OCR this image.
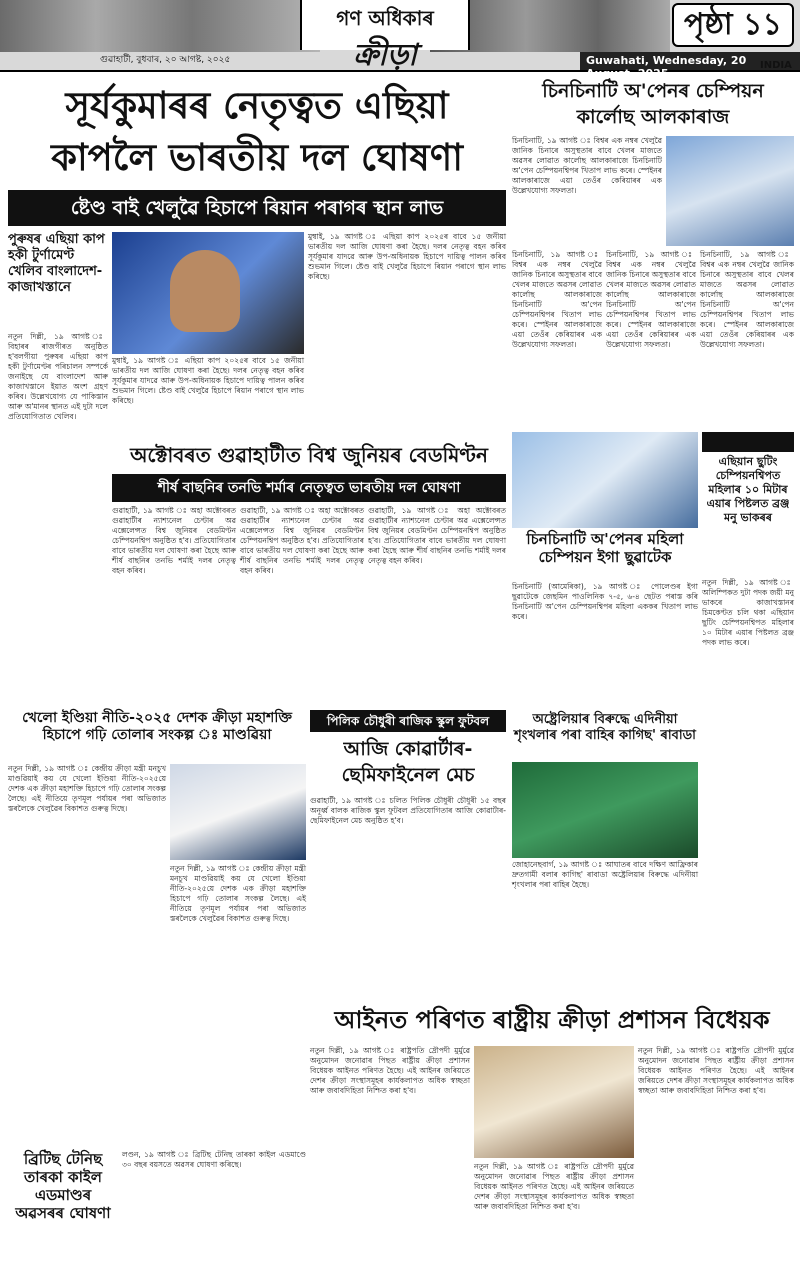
গণ অধিকাৰ
ক্ৰীড়া
গুৱাহাটী, বুধবাৰ, ২০ আগষ্ট, ২০২৫	Guwahati, Wednesday, 20 August, 2025
পৃষ্ঠা ১১
INDIA
সূৰ্যকুমাৰৰ নেতৃত্বত এছিয়া কাপলৈ ভাৰতীয় দল ঘোষণা
ষ্টেণ্ড বাই খেলুৱৈ হিচাপে ৰিয়ান পৰাগৰ স্থান লাভ
পুৰুষৰ এছিয়া কাপ হকী টুৰ্ণামেণ্ট খেলিব বাংলাদেশ-কাজাখস্তানে
নতুন দিল্লী, ১৯ আগষ্ট ঃ বিহাৰৰ ৰাজগীৰত অনুষ্ঠিত হ'বলগীয়া পুৰুষৰ এছিয়া কাপ হকী টুৰ্ণামেণ্টৰ পৰিচালন সম্পৰ্কে জনাইছে যে বাংলাদেশ আৰু কাজাখস্তানে ইয়াত অংশ গ্ৰহণ কৰিব। উল্লেখযোগ্য যে পাকিস্তান আৰু অ'মানৰ স্থানত এই দুটা দলে প্ৰতিযোগিতাত খেলিব।
মুম্বাই, ১৯ আগষ্ট ঃ এছিয়া কাপ ২০২৫ৰ বাবে ১৫ জনীয়া ভাৰতীয় দল আজি ঘোষণা কৰা হৈছে। দলৰ নেতৃত্ব বহন কৰিব সূৰ্যকুমাৰ যাদৱে আৰু উপ-অধিনায়ক হিচাপে দায়িত্ব পালন কৰিব শুভমান গিলে। ষ্টেণ্ড বাই খেলুৱৈ হিচাপে ৰিয়ান পৰাগে স্থান লাভ কৰিছে।
মুম্বাই, ১৯ আগষ্ট ঃ এছিয়া কাপ ২০২৫ৰ বাবে ১৫ জনীয়া ভাৰতীয় দল আজি ঘোষণা কৰা হৈছে। দলৰ নেতৃত্ব বহন কৰিব সূৰ্যকুমাৰ যাদৱে আৰু উপ-অধিনায়ক হিচাপে দায়িত্ব পালন কৰিব শুভমান গিলে। ষ্টেণ্ড বাই খেলুৱৈ হিচাপে ৰিয়ান পৰাগে স্থান লাভ কৰিছে।
অক্টোবৰত গুৱাহাটীত বিশ্ব জুনিয়ৰ বেডমিণ্টন
শীৰ্ষ বাছনিৰ তনভি শৰ্মাৰ নেতৃত্বত ভাৰতীয় দল ঘোষণা
গুৱাহাটী, ১৯ আগষ্ট ঃ অহা অক্টোবৰত গুৱাহাটীৰ ন্যাশ্যনেল চেণ্টাৰ অৱ এক্সেলেন্সত বিশ্ব জুনিয়ৰ বেডমিণ্টন চেম্পিয়নশ্বিপ অনুষ্ঠিত হ'ব। প্ৰতিযোগিতাৰ বাবে ভাৰতীয় দল ঘোষণা কৰা হৈছে আৰু শীৰ্ষ বাছনিৰ তনভি শৰ্মাই দলৰ নেতৃত্ব বহন কৰিব।
গুৱাহাটী, ১৯ আগষ্ট ঃ অহা অক্টোবৰত গুৱাহাটীৰ ন্যাশ্যনেল চেণ্টাৰ অৱ এক্সেলেন্সত বিশ্ব জুনিয়ৰ বেডমিণ্টন চেম্পিয়নশ্বিপ অনুষ্ঠিত হ'ব। প্ৰতিযোগিতাৰ বাবে ভাৰতীয় দল ঘোষণা কৰা হৈছে আৰু শীৰ্ষ বাছনিৰ তনভি শৰ্মাই দলৰ নেতৃত্ব বহন কৰিব।
গুৱাহাটী, ১৯ আগষ্ট ঃ অহা অক্টোবৰত গুৱাহাটীৰ ন্যাশ্যনেল চেণ্টাৰ অৱ এক্সেলেন্সত বিশ্ব জুনিয়ৰ বেডমিণ্টন চেম্পিয়নশ্বিপ অনুষ্ঠিত হ'ব। প্ৰতিযোগিতাৰ বাবে ভাৰতীয় দল ঘোষণা কৰা হৈছে আৰু শীৰ্ষ বাছনিৰ তনভি শৰ্মাই দলৰ নেতৃত্ব বহন কৰিব।
খেলো ইণ্ডিয়া নীতি-২০২৫ দেশক ক্ৰীড়া মহাশক্তি হিচাপে গঢ়ি তোলাৰ সংকল্প ঃ মাণ্ডৱিয়া
নতুন দিল্লী, ১৯ আগষ্ট ঃ কেন্দ্ৰীয় ক্ৰীড়া মন্ত্ৰী মনচুখ মাণ্ডৱিয়াই কয় যে খেলো ইণ্ডিয়া নীতি-২০২৫য়ে দেশক এক ক্ৰীড়া মহাশক্তি হিচাপে গঢ়ি তোলাৰ সংকল্প লৈছে। এই নীতিয়ে তৃণমূল পৰ্যায়ৰ পৰা অভিজাত স্তৰলৈকে খেলুৱৈৰ বিকাশত গুৰুত্ব দিছে।
নতুন দিল্লী, ১৯ আগষ্ট ঃ কেন্দ্ৰীয় ক্ৰীড়া মন্ত্ৰী মনচুখ মাণ্ডৱিয়াই কয় যে খেলো ইণ্ডিয়া নীতি-২০২৫য়ে দেশক এক ক্ৰীড়া মহাশক্তি হিচাপে গঢ়ি তোলাৰ সংকল্প লৈছে। এই নীতিয়ে তৃণমূল পৰ্যায়ৰ পৰা অভিজাত স্তৰলৈকে খেলুৱৈৰ বিকাশত গুৰুত্ব দিছে।
পিলিক চৌধুৰী ৰাজিক স্কুল ফুটবল
আজি কোৱাৰ্টাৰ-ছেমিফাইনেল মেচ
গুৱাহাটী, ১৯ আগষ্ট ঃ চলিত পিলিক চৌধুৰী চৌধুৰী ১৫ বছৰ অনূৰ্ধ্ব বালক ৰাজিক স্কুল ফুটবল প্ৰতিযোগিতাৰ আজি কোৱাৰ্টাৰ-ছেমিফাইনেল মেচ অনুষ্ঠিত হ'ব।
চিনচিনাটি অ'পেনৰ চেম্পিয়ন কাৰ্লোছ আলকাৰাজ
চিনচিনাটি, ১৯ আগষ্ট ঃ বিশ্বৰ এক নম্বৰ খেলুৱৈ জানিক চিনাৰে অসুস্থতাৰ বাবে খেলৰ মাজতে অৱসৰ লোৱাত কাৰ্লোছ আলকাৰাজে চিনচিনাটি অ'পেন চেম্পিয়নশ্বিপৰ খিতাপ লাভ কৰে। স্পেইনৰ আলকাৰাজে এয়া তেওঁৰ কেৰিয়াৰৰ এক উল্লেখযোগ্য সফলতা।
চিনচিনাটি, ১৯ আগষ্ট ঃ বিশ্বৰ এক নম্বৰ খেলুৱৈ জানিক চিনাৰে অসুস্থতাৰ বাবে খেলৰ মাজতে অৱসৰ লোৱাত কাৰ্লোছ আলকাৰাজে চিনচিনাটি অ'পেন চেম্পিয়নশ্বিপৰ খিতাপ লাভ কৰে। স্পেইনৰ আলকাৰাজে এয়া তেওঁৰ কেৰিয়াৰৰ এক উল্লেখযোগ্য সফলতা।
চিনচিনাটি, ১৯ আগষ্ট ঃ বিশ্বৰ এক নম্বৰ খেলুৱৈ জানিক চিনাৰে অসুস্থতাৰ বাবে খেলৰ মাজতে অৱসৰ লোৱাত কাৰ্লোছ আলকাৰাজে চিনচিনাটি অ'পেন চেম্পিয়নশ্বিপৰ খিতাপ লাভ কৰে। স্পেইনৰ আলকাৰাজে এয়া তেওঁৰ কেৰিয়াৰৰ এক উল্লেখযোগ্য সফলতা।
চিনচিনাটি, ১৯ আগষ্ট ঃ বিশ্বৰ এক নম্বৰ খেলুৱৈ জানিক চিনাৰে অসুস্থতাৰ বাবে খেলৰ মাজতে অৱসৰ লোৱাত কাৰ্লোছ আলকাৰাজে চিনচিনাটি অ'পেন চেম্পিয়নশ্বিপৰ খিতাপ লাভ কৰে। স্পেইনৰ আলকাৰাজে এয়া তেওঁৰ কেৰিয়াৰৰ এক উল্লেখযোগ্য সফলতা।
চিনচিনাটি অ'পেনৰ মহিলা চেম্পিয়ন ইগা ছুৱাটেক
চিনচিনাটি (আমেৰিকা), ১৯ আগষ্ট ঃ পোলেণ্ডৰ ইগা ছুৱাটেকে জেছমিন পাওলিনিক ৭-৫, ৬-৪ ছেটত পৰাস্ত কৰি চিনচিনাটি অ'পেন চেম্পিয়নশ্বিপৰ মহিলা এককৰ খিতাপ লাভ কৰে।
অষ্ট্ৰেলিয়াৰ বিৰুদ্ধে এদিনীয়া শৃংখলাৰ পৰা বাহিৰ কাগিছ' ৰাবাডা
জোহানেছবাৰ্গ, ১৯ আগষ্ট ঃ আঘাতৰ বাবে দক্ষিণ আফ্ৰিকাৰ দ্ৰুতগামী বলাৰ কাগিছ' ৰাবাডা অষ্ট্ৰেলিয়াৰ বিৰুদ্ধে এদিনীয়া শৃংখলাৰ পৰা বাহিৰ হৈছে।
এছিয়ান ছুটিং চেম্পিয়নশ্বিপত মহিলাৰ ১০ মিটাৰ এয়াৰ পিষ্টলত ব্ৰঞ্জ মনু ভাকৰৰ
নতুন দিল্লী, ১৯ আগষ্ট ঃ অলিম্পিকত দুটা পদক জয়ী মনু ভাকৰে কাজাখস্তানৰ চিমকেণ্টত চলি থকা এছিয়ান ছুটিং চেম্পিয়নশ্বিপত মহিলাৰ ১০ মিটাৰ এয়াৰ পিষ্টলত ব্ৰঞ্জ পদক লাভ কৰে।
আইনত পৰিণত ৰাষ্ট্ৰীয় ক্ৰীড়া প্ৰশাসন বিধেয়ক
নতুন দিল্লী, ১৯ আগষ্ট ঃ ৰাষ্ট্ৰপতি দ্ৰৌপদী মুৰ্মুৱে অনুমোদন জনোৱাৰ পিছত ৰাষ্ট্ৰীয় ক্ৰীড়া প্ৰশাসন বিধেয়ক আইনত পৰিণত হৈছে। এই আইনৰ জৰিয়তে দেশৰ ক্ৰীড়া সংস্থাসমূহৰ কাৰ্যকলাপত অধিক স্বচ্ছতা আৰু জবাবদিহিতা নিশ্চিত কৰা হ'ব।
নতুন দিল্লী, ১৯ আগষ্ট ঃ ৰাষ্ট্ৰপতি দ্ৰৌপদী মুৰ্মুৱে অনুমোদন জনোৱাৰ পিছত ৰাষ্ট্ৰীয় ক্ৰীড়া প্ৰশাসন বিধেয়ক আইনত পৰিণত হৈছে। এই আইনৰ জৰিয়তে দেশৰ ক্ৰীড়া সংস্থাসমূহৰ কাৰ্যকলাপত অধিক স্বচ্ছতা আৰু জবাবদিহিতা নিশ্চিত কৰা হ'ব।
নতুন দিল্লী, ১৯ আগষ্ট ঃ ৰাষ্ট্ৰপতি দ্ৰৌপদী মুৰ্মুৱে অনুমোদন জনোৱাৰ পিছত ৰাষ্ট্ৰীয় ক্ৰীড়া প্ৰশাসন বিধেয়ক আইনত পৰিণত হৈছে। এই আইনৰ জৰিয়তে দেশৰ ক্ৰীড়া সংস্থাসমূহৰ কাৰ্যকলাপত অধিক স্বচ্ছতা আৰু জবাবদিহিতা নিশ্চিত কৰা হ'ব।
ব্ৰিটিছ টেনিছ তাৰকা কাইল এডমাণ্ডৰ অৱসৰৰ ঘোষণা
লণ্ডন, ১৯ আগষ্ট ঃ ব্ৰিটিছ টেনিছ তাৰকা কাইল এডমাণ্ডে ৩০ বছৰ বয়সতে অৱসৰ ঘোষণা কৰিছে।
